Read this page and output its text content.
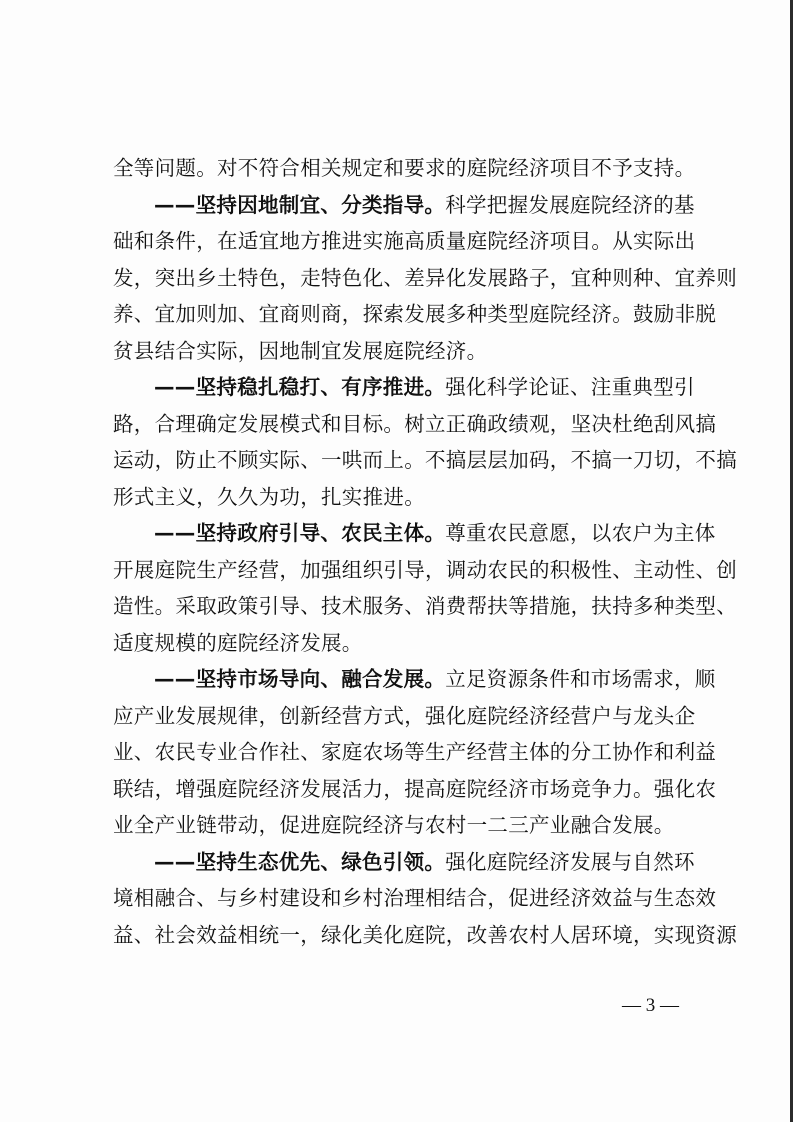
全等问题。对不符合相关规定和要求的庭院经济项目不予支持。
——坚持因地制宜、分类指导。科学把握发展庭院经济的基
础和条件，在适宜地方推进实施高质量庭院经济项目。从实际出
发，突出乡土特色，走特色化、差异化发展路子，宜种则种、宜养则
养、宜加则加、宜商则商，探索发展多种类型庭院经济。鼓励非脱
贫县结合实际，因地制宜发展庭院经济。
——坚持稳扎稳打、有序推进。强化科学论证、注重典型引
路，合理确定发展模式和目标。树立正确政绩观，坚决杜绝刮风搞
运动，防止不顾实际、一哄而上。不搞层层加码，不搞一刀切，不搞
形式主义，久久为功，扎实推进。
——坚持政府引导、农民主体。尊重农民意愿，以农户为主体
开展庭院生产经营，加强组织引导，调动农民的积极性、主动性、创
造性。采取政策引导、技术服务、消费帮扶等措施，扶持多种类型、
适度规模的庭院经济发展。
——坚持市场导向、融合发展。立足资源条件和市场需求，顺
应产业发展规律，创新经营方式，强化庭院经济经营户与龙头企
业、农民专业合作社、家庭农场等生产经营主体的分工协作和利益
联结，增强庭院经济发展活力，提高庭院经济市场竞争力。强化农
业全产业链带动，促进庭院经济与农村一二三产业融合发展。
——坚持生态优先、绿色引领。强化庭院经济发展与自然环
境相融合、与乡村建设和乡村治理相结合，促进经济效益与生态效
益、社会效益相统一，绿化美化庭院，改善农村人居环境，实现资源
— 3 —
